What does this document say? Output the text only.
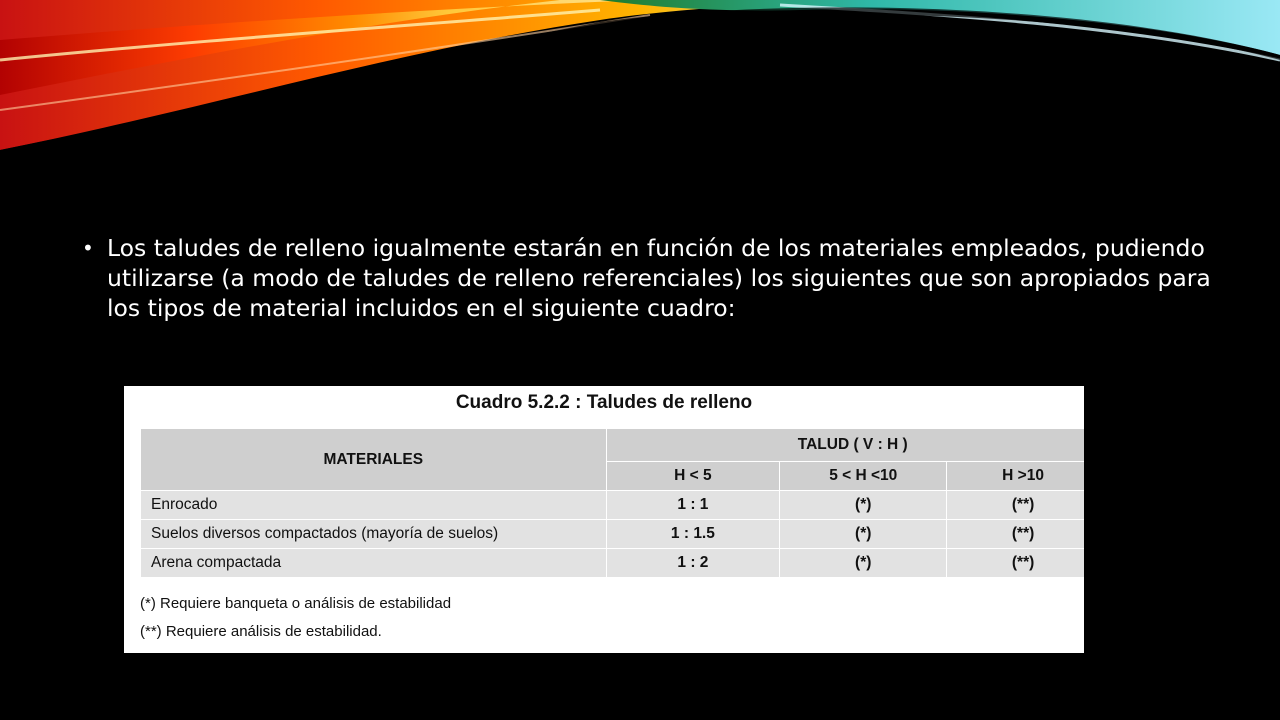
• Los taludes de relleno igualmente estarán en función de los materiales empleados, pudiendo utilizarse (a modo de taludes de relleno referenciales) los siguientes que son apropiados para los tipos de material incluidos en el siguiente cuadro:
Cuadro 5.2.2 : Taludes de relleno
MATERIALES	TALUD ( V : H )		
	H < 5	5 < H <10	H >10
Enrocado	1 : 1	(*)	(**)
Suelos diversos compactados (mayoría de suelos)	1 : 1.5	(*)	(**)
Arena compactada	1 : 2	(*)	(**)
(*) Requiere banqueta o análisis de estabilidad
(**) Requiere análisis de estabilidad.
